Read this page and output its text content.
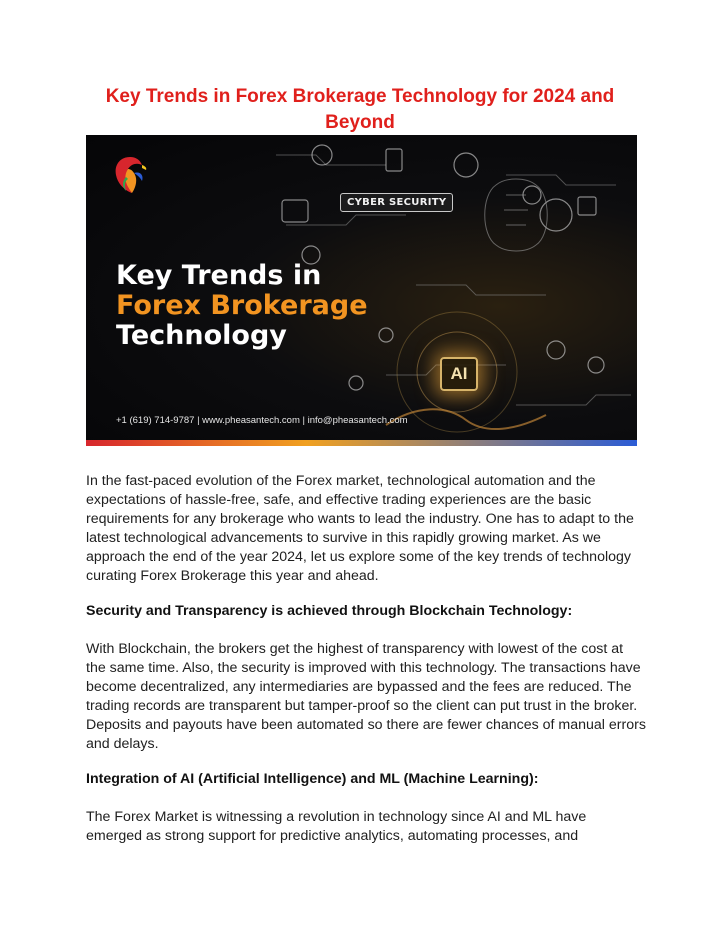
Key Trends in Forex Brokerage Technology for 2024 and Beyond
CYBER SECURITY
Key Trends in
Forex Brokerage
Technology
AI
+1 (619) 714-9787 | www.pheasantech.com | info@pheasantech.com

In the fast-paced evolution of the Forex market, technological automation and the expectations of hassle-free, safe, and effective trading experiences are the basic requirements for any brokerage who wants to lead the industry. One has to adapt to the latest technological advancements to survive in this rapidly growing market. As we approach the end of the year 2024, let us explore some of the key trends of technology curating Forex Brokerage this year and ahead.

Security and Transparency is achieved through Blockchain Technology:

With Blockchain, the brokers get the highest of transparency with lowest of the cost at the same time. Also, the security is improved with this technology. The transactions have become decentralized, any intermediaries are bypassed and the fees are reduced. The trading records are transparent but tamper-proof so the client can put trust in the broker. Deposits and payouts have been automated so there are fewer chances of manual errors and delays.

Integration of AI (Artificial Intelligence) and ML (Machine Learning):

The Forex Market is witnessing a revolution in technology since AI and ML have emerged as strong support for predictive analytics, automating processes, and
